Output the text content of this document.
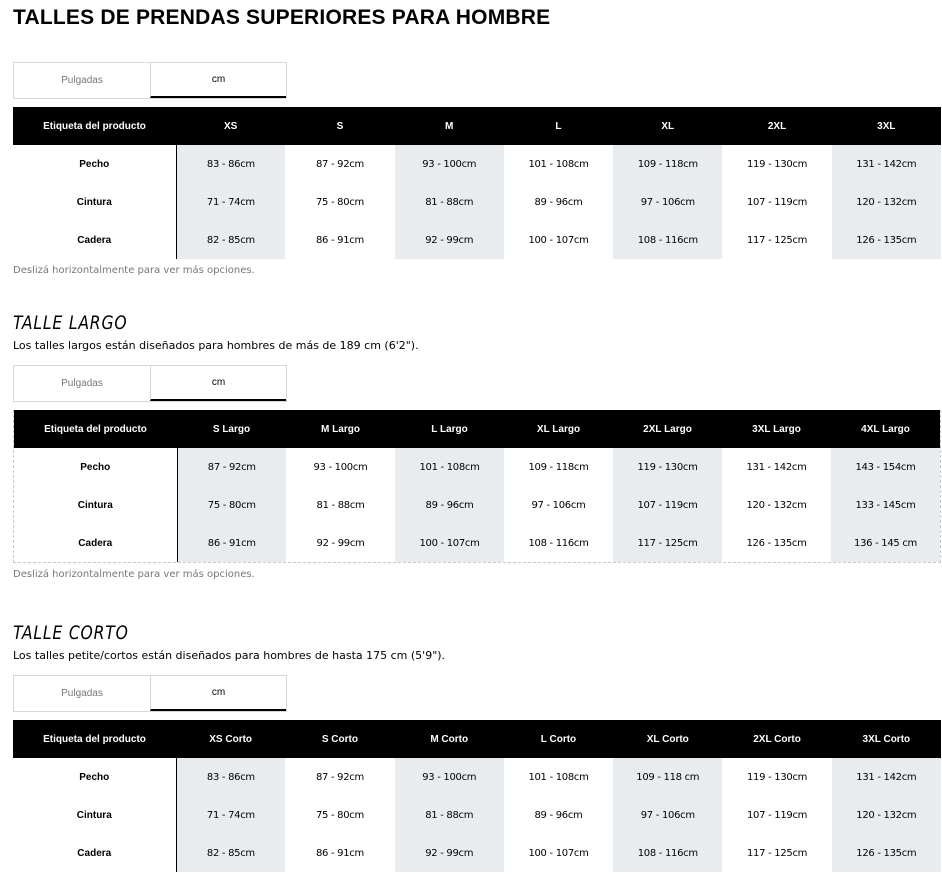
TALLES DE PRENDAS SUPERIORES PARA HOMBRE
Pulgadas	cm
Etiqueta del producto	XS	S	M	L	XL	2XL	3XL
Pecho	83 - 86cm	87 - 92cm	93 - 100cm	101 - 108cm	109 - 118cm	119 - 130cm	131 - 142cm
Cintura	71 - 74cm	75 - 80cm	81 - 88cm	89 - 96cm	97 - 106cm	107 - 119cm	120 - 132cm
Cadera	82 - 85cm	86 - 91cm	92 - 99cm	100 - 107cm	108 - 116cm	117 - 125cm	126 - 135cm
Deslizá horizontalmente para ver más opciones.
TALLE LARGO
Los talles largos están diseñados para hombres de más de 189 cm (6'2").
Pulgadas	cm
Etiqueta del producto	S Largo	M Largo	L Largo	XL Largo	2XL Largo	3XL Largo	4XL Largo
Pecho	87 - 92cm	93 - 100cm	101 - 108cm	109 - 118cm	119 - 130cm	131 - 142cm	143 - 154cm
Cintura	75 - 80cm	81 - 88cm	89 - 96cm	97 - 106cm	107 - 119cm	120 - 132cm	133 - 145cm
Cadera	86 - 91cm	92 - 99cm	100 - 107cm	108 - 116cm	117 - 125cm	126 - 135cm	136 - 145 cm
Deslizá horizontalmente para ver más opciones.
TALLE CORTO
Los talles petite/cortos están diseñados para hombres de hasta 175 cm (5'9").
Pulgadas	cm
Etiqueta del producto	XS Corto	S Corto	M Corto	L Corto	XL Corto	2XL Corto	3XL Corto
Pecho	83 - 86cm	87 - 92cm	93 - 100cm	101 - 108cm	109 - 118 cm	119 - 130cm	131 - 142cm
Cintura	71 - 74cm	75 - 80cm	81 - 88cm	89 - 96cm	97 - 106cm	107 - 119cm	120 - 132cm
Cadera	82 - 85cm	86 - 91cm	92 - 99cm	100 - 107cm	108 - 116cm	117 - 125cm	126 - 135cm
